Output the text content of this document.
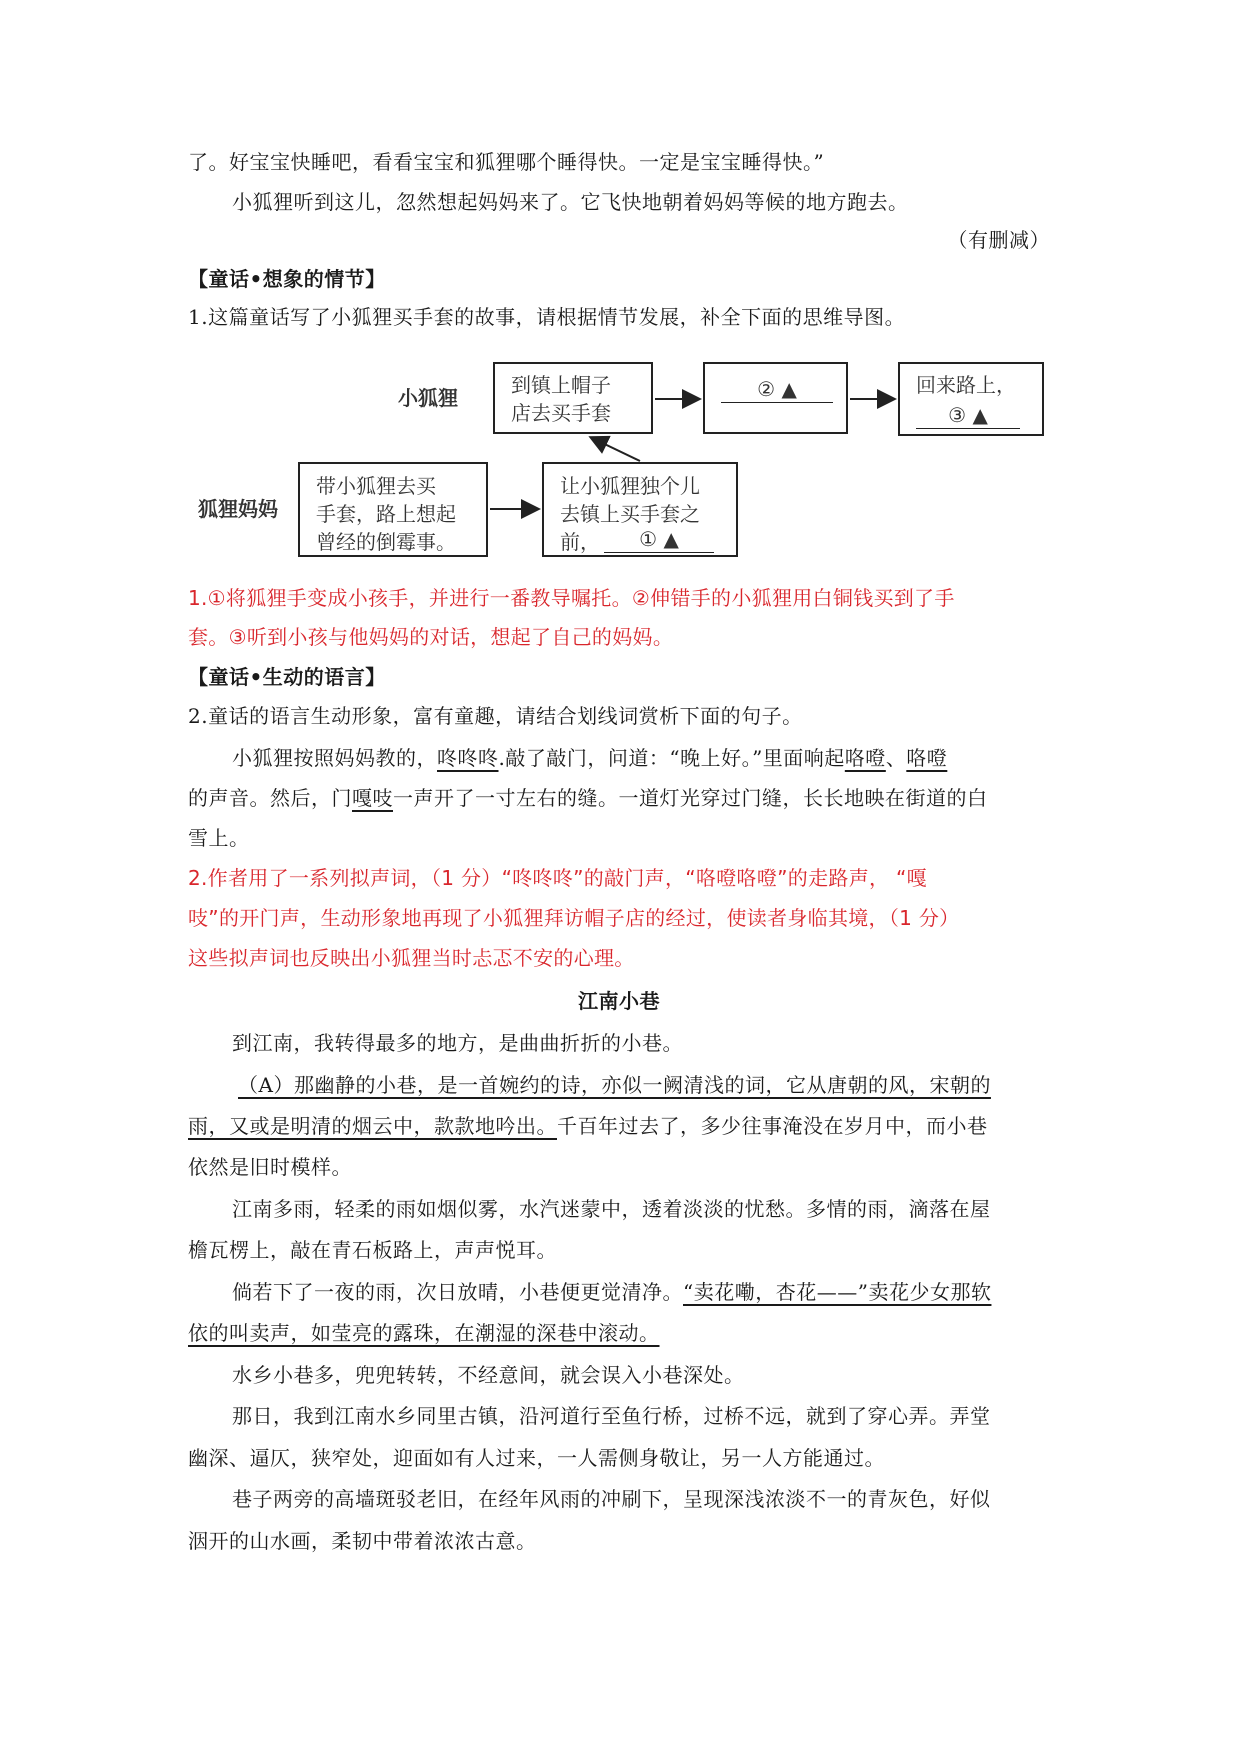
了。好宝宝快睡吧，看看宝宝和狐狸哪个睡得快。一定是宝宝睡得快。”
小狐狸听到这儿，忽然想起妈妈来了。它飞快地朝着妈妈等候的地方跑去。
（有删减）
【童话•想象的情节】
1.这篇童话写了小狐狸买手套的故事，请根据情节发展，补全下面的思维导图。
小狐狸
狐狸妈妈
到镇上帽子
店去买手套
② ▲	回来路上，
③ ▲
带小狐狸去买
手套，路上想起
曾经的倒霉事。
让小狐狸独个儿
去镇上买手套之
前，	① ▲
1.①将狐狸手变成小孩手，并进行一番教导嘱托。②伸错手的小狐狸用白铜钱买到了手
套。③听到小孩与他妈妈的对话，想起了自己的妈妈。
【童话•生动的语言】
2.童话的语言生动形象，富有童趣，请结合划线词赏析下面的句子。
小狐狸按照妈妈教的，咚咚咚.敲了敲门，问道：“晚上好。”里面响起咯噔、咯噔
的声音。然后，门嘎吱一声开了一寸左右的缝。一道灯光穿过门缝，长长地映在街道的白
雪上。
2.作者用了一系列拟声词，（1 分）“咚咚咚”的敲门声，“咯噔咯噔”的走路声， “嘎
吱”的开门声，生动形象地再现了小狐狸拜访帽子店的经过，使读者身临其境，（1 分）
这些拟声词也反映出小狐狸当时忐忑不安的心理。
江南小巷
到江南，我转得最多的地方，是曲曲折折的小巷。
（A）那幽静的小巷，是一首婉约的诗，亦似一阙清浅的词，它从唐朝的风，宋朝的
雨，又或是明清的烟云中，款款地吟出。千百年过去了，多少往事淹没在岁月中，而小巷
依然是旧时模样。
江南多雨，轻柔的雨如烟似雾，水汽迷蒙中，透着淡淡的忧愁。多情的雨，滴落在屋
檐瓦楞上，敲在青石板路上，声声悦耳。
倘若下了一夜的雨，次日放晴，小巷便更觉清净。“卖花嘞，杏花——”卖花少女那软
依的叫卖声，如莹亮的露珠，在潮湿的深巷中滚动。
水乡小巷多，兜兜转转，不经意间，就会误入小巷深处。
那日，我到江南水乡同里古镇，沿河道行至鱼行桥，过桥不远，就到了穿心弄。弄堂
幽深、逼仄，狭窄处，迎面如有人过来，一人需侧身敬让，另一人方能通过。
巷子两旁的高墙斑驳老旧，在经年风雨的冲刷下，呈现深浅浓淡不一的青灰色，好似
洇开的山水画，柔韧中带着浓浓古意。
